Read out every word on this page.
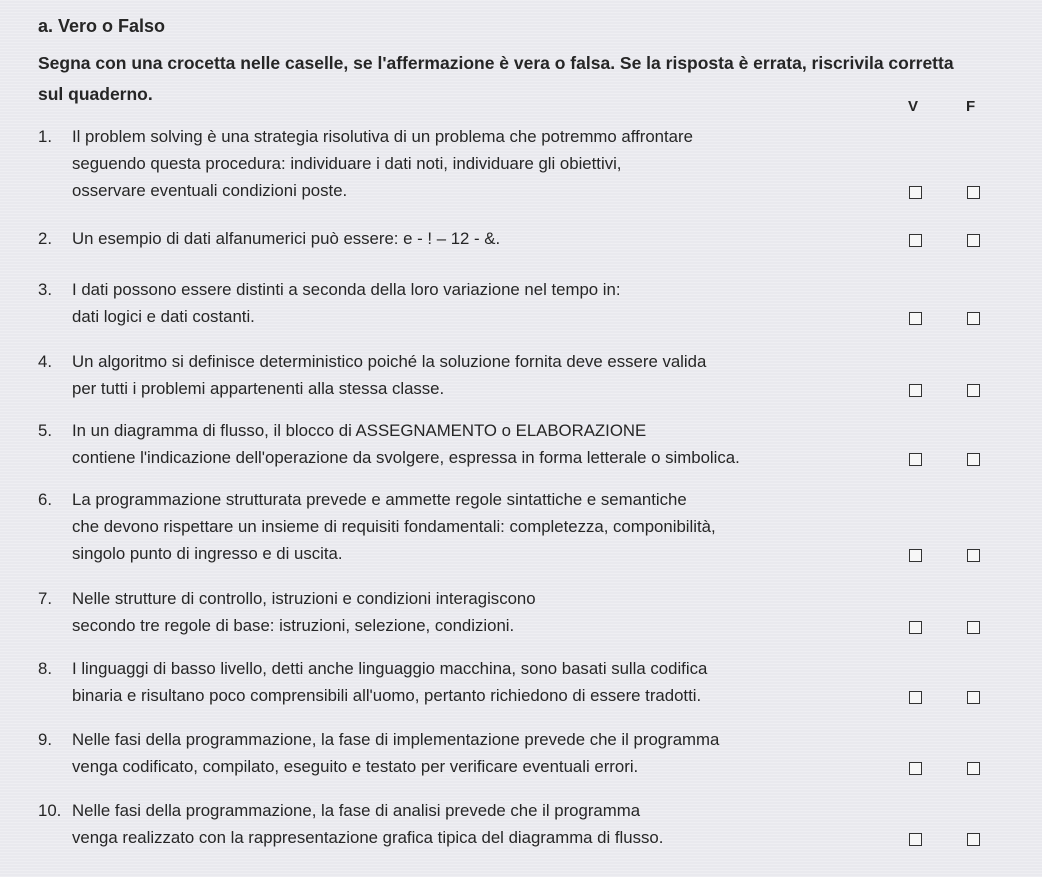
a. Vero o Falso
Segna con una crocetta nelle caselle, se l'affermazione è vera o falsa. Se la risposta è errata, riscrivila corretta sul quaderno.
V	F
1. Il problem solving è una strategia risolutiva di un problema che potremmo affrontare
seguendo questa procedura: individuare i dati noti, individuare gli obiettivi,
osservare eventuali condizioni poste.
2. Un esempio di dati alfanumerici può essere: e - ! – 12 - &.
3. I dati possono essere distinti a seconda della loro variazione nel tempo in:
dati logici e dati costanti.
4. Un algoritmo si definisce deterministico poiché la soluzione fornita deve essere valida
per tutti i problemi appartenenti alla stessa classe.
5. In un diagramma di flusso, il blocco di ASSEGNAMENTO o ELABORAZIONE
contiene l'indicazione dell'operazione da svolgere, espressa in forma letterale o simbolica.
6. La programmazione strutturata prevede e ammette regole sintattiche e semantiche
che devono rispettare un insieme di requisiti fondamentali: completezza, componibilità,
singolo punto di ingresso e di uscita.
7. Nelle strutture di controllo, istruzioni e condizioni interagiscono
secondo tre regole di base: istruzioni, selezione, condizioni.
8. I linguaggi di basso livello, detti anche linguaggio macchina, sono basati sulla codifica
binaria e risultano poco comprensibili all'uomo, pertanto richiedono di essere tradotti.
9. Nelle fasi della programmazione, la fase di implementazione prevede che il programma
venga codificato, compilato, eseguito e testato per verificare eventuali errori.
10. Nelle fasi della programmazione, la fase di analisi prevede che il programma
venga realizzato con la rappresentazione grafica tipica del diagramma di flusso.
